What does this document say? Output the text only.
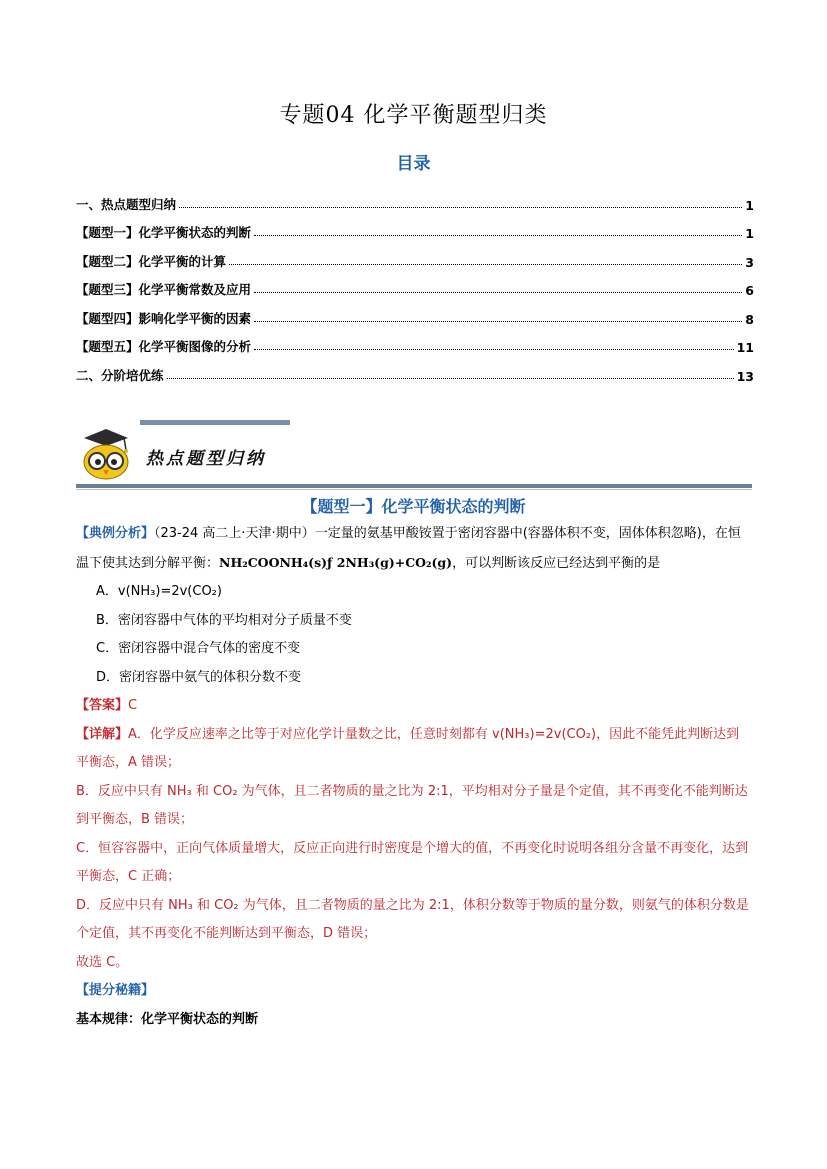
专题04 化学平衡题型归类
目录
一、热点题型归纳	1
【题型一】化学平衡状态的判断	1
【题型二】化学平衡的计算	3
【题型三】化学平衡常数及应用	6
【题型四】影响化学平衡的因素	8
【题型五】化学平衡图像的分析	11
二、分阶培优练	13
热点题型归纳
【题型一】化学平衡状态的判断
【典例分析】（23-24 高二上·天津·期中）一定量的氨基甲酸铵置于密闭容器中(容器体积不变，固体体积忽略)，在恒温下使其达到分解平衡：NH₂COONH₄(s)ƒ 2NH₃(g)+CO₂(g)，可以判断该反应已经达到平衡的是
A．v(NH₃)=2v(CO₂)
B．密闭容器中气体的平均相对分子质量不变
C．密闭容器中混合气体的密度不变
D．密闭容器中氨气的体积分数不变
【答案】C
【详解】A．化学反应速率之比等于对应化学计量数之比，任意时刻都有 v(NH₃)=2v(CO₂)，因此不能凭此判断达到平衡态，A 错误；
B．反应中只有 NH₃ 和 CO₂ 为气体，且二者物质的量之比为 2:1，平均相对分子量是个定值，其不再变化不能判断达到平衡态，B 错误；
C．恒容容器中，正向气体质量增大，反应正向进行时密度是个增大的值，不再变化时说明各组分含量不再变化，达到平衡态，C 正确；
D．反应中只有 NH₃ 和 CO₂ 为气体，且二者物质的量之比为 2:1，体积分数等于物质的量分数，则氨气的体积分数是个定值，其不再变化不能判断达到平衡态，D 错误；
故选 C。
【提分秘籍】
基本规律：化学平衡状态的判断
